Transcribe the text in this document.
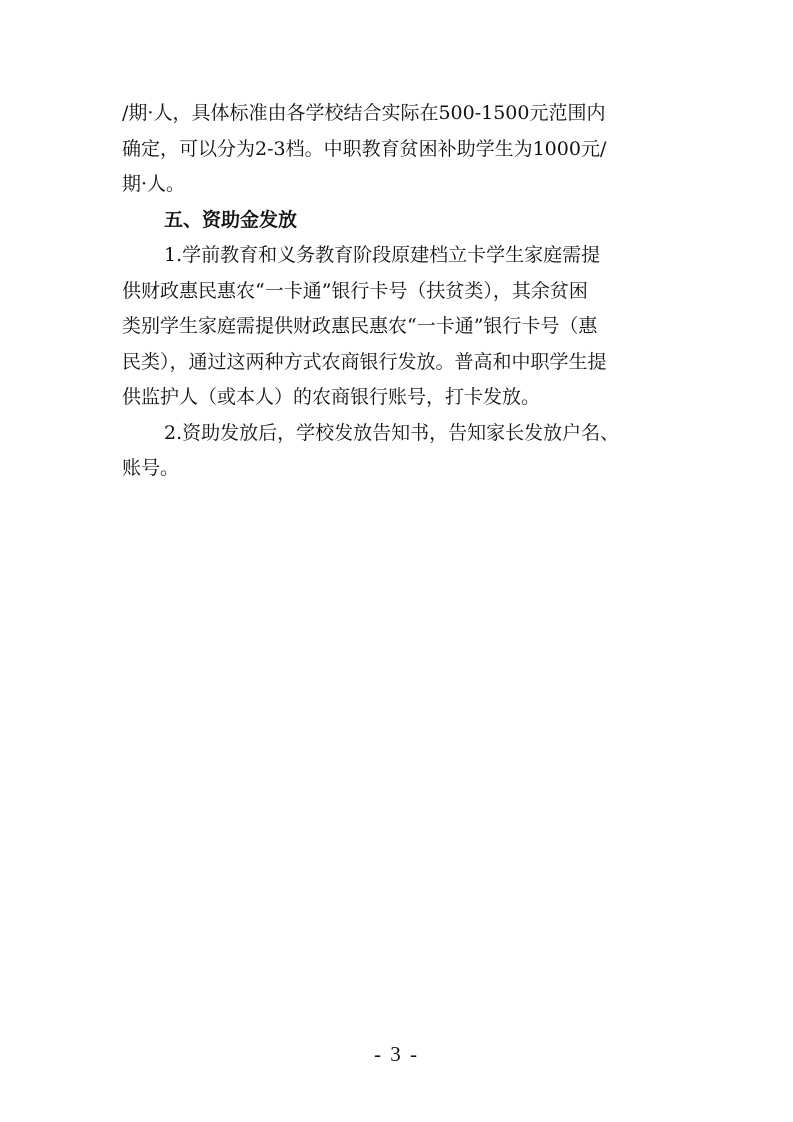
/期·人，具体标准由各学校结合实际在500-1500元范围内
确定，可以分为2-3档。中职教育贫困补助学生为1000元/
期·人。
五、资助金发放
1.学前教育和义务教育阶段原建档立卡学生家庭需提
供财政惠民惠农“一卡通”银行卡号（扶贫类），其余贫困
类别学生家庭需提供财政惠民惠农“一卡通”银行卡号（惠
民类），通过这两种方式农商银行发放。普高和中职学生提
供监护人（或本人）的农商银行账号，打卡发放。
2.资助发放后，学校发放告知书，告知家长发放户名、
账号。
- 3 -
